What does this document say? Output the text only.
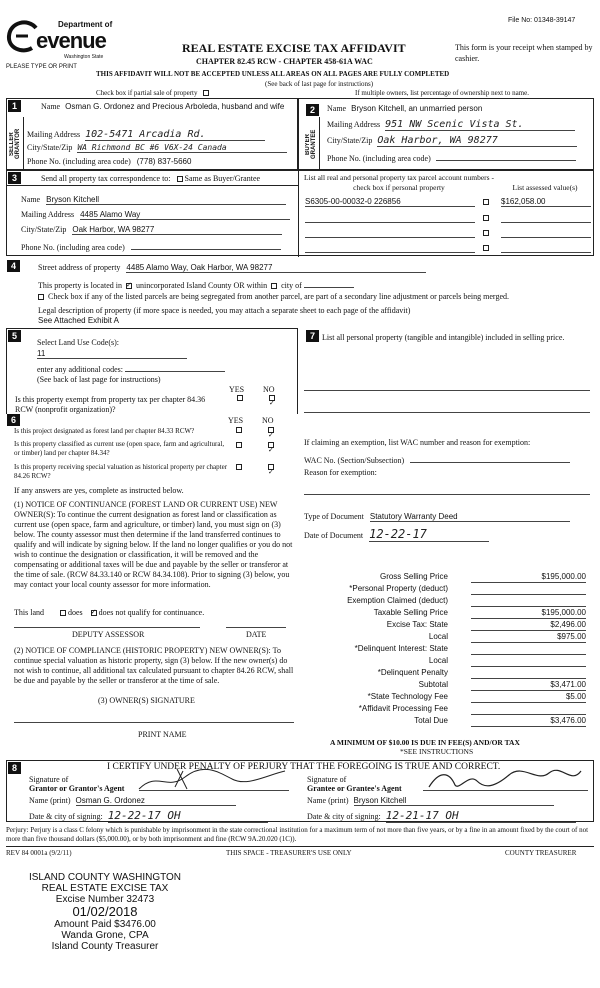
Department of
evenue
Washington State
PLEASE TYPE OR PRINT
File No: 01348-39147
REAL ESTATE EXCISE TAX AFFIDAVIT
CHAPTER 82.45 RCW - CHAPTER 458-61A WAC
This form is your receipt when stamped by cashier.
THIS AFFIDAVIT WILL NOT BE ACCEPTED UNLESS ALL AREAS ON ALL PAGES ARE FULLY COMPLETED
(See back of last page for instructions)
Check box if partial sale of property	If multiple owners, list percentage of ownership next to name.
1
SELLER GRANTOR
Name Osman G. Ordonez and Precious Arboleda, husband and wife
Mailing Address 102-5471 Arcadia Rd.
City/State/Zip WA Richmond BC #6 V6X-24 Canada
Phone No. (including area code) (778) 837-5660
2
BUYER GRANTEE
Name Bryson Kitchell, an unmarried person
Mailing Address 951 NW Scenic Vista St.
City/State/Zip Oak Harbor, WA 98277
Phone No. (including area code)
3	Send all property tax correspondence to: Same as Buyer/Grantee
Name Bryson Kitchell
Mailing Address 4485 Alamo Way
City/State/Zip Oak Harbor, WA 98277
Phone No. (including area code)
List all real and personal property tax parcel account numbers - check box if personal property	List assessed value(s)
S6305-00-00032-0 226856	$162,058.00
4	Street address of property 4485 Alamo Way, Oak Harbor, WA 98277
This property is located in ✓ unincorporated Island County OR within city of
Check box if any of the listed parcels are being segregated from another parcel, are part of a secondary line adjustment or parcels being merged.
Legal description of property (if more space is needed, you may attach a separate sheet to each page of the affidavit)
See Attached Exhibit A
5
Select Land Use Code(s):
11
enter any additional codes:
(See back of last page for instructions)
YES NO
Is this property exempt from property tax per chapter 84.36 RCW (nonprofit organization)?
✓
6	YES NO
Is this project designated as forest land per chapter 84.33 RCW?
✓
Is this property classified as current use (open space, farm and agricultural, or timber) land per chapter 84.34?
✓
Is this property receiving special valuation as historical property per chapter 84.26 RCW?
✓
If any answers are yes, complete as instructed below.
(1) NOTICE OF CONTINUANCE (FOREST LAND OR CURRENT USE) NEW OWNER(S): To continue the current designation as forest land or classification as current use (open space, farm and agriculture, or timber) land, you must sign on (3) below. The county assessor must then determine if the land transferred continues to qualify and will indicate by signing below. If the land no longer qualifies or you do not wish to continue the designation or classification, it will be removed and the compensating or additional taxes will be due and payable by the seller or transferor at the time of sale. (RCW 84.33.140 or RCW 84.34.108). Prior to signing (3) below, you may contact your local county assessor for more information.
This land	does ✓ does not qualify for continuance.
DEPUTY ASSESSOR	DATE
(2) NOTICE OF COMPLIANCE (HISTORIC PROPERTY) NEW OWNER(S): To continue special valuation as historic property, sign (3) below. If the new owner(s) do not wish to continue, all additional tax calculated pursuant to chapter 84.26 RCW, shall be due and payable by the seller or transferor at the time of sale.
(3) OWNER(S) SIGNATURE
PRINT NAME
7 List all personal property (tangible and intangible) included in selling price.
If claiming an exemption, list WAC number and reason for exemption:
WAC No. (Section/Subsection)
Reason for exemption:
Type of Document Statutory Warranty Deed
Date of Document 12-22-17
Gross Selling Price	$195,000.00
*Personal Property (deduct)
Exemption Claimed (deduct)
Taxable Selling Price	$195,000.00
Excise Tax: State	$2,496.00
Local	$975.00
*Delinquent Interest: State
Local
*Delinquent Penalty
Subtotal	$3,471.00
*State Technology Fee	$5.00
*Affidavit Processing Fee
Total Due	$3,476.00
A MINIMUM OF $10.00 IS DUE IN FEE(S) AND/OR TAX
*SEE INSTRUCTIONS
8	I CERTIFY UNDER PENALTY OF PERJURY THAT THE FOREGOING IS TRUE AND CORRECT.
Signature of
Grantor or Grantor's Agent
Name (print) Osman G. Ordonez
Date & city of signing: 12-22-17 OH
Signature of
Grantee or Grantee's Agent
Name (print) Bryson Kitchell
Date & city of signing: 12-21-17 OH
Perjury: Perjury is a class C felony which is punishable by imprisonment in the state correctional institution for a maximum term of not more than five years, or by a fine in an amount fixed by the court of not more than five thousand dollars ($5,000.00), or by both imprisonment and fine (RCW 9A.20.020 (1C)).
REV 84 0001a (9/2/11)	THIS SPACE - TREASURER'S USE ONLY	COUNTY TREASURER
ISLAND COUNTY WASHINGTON
REAL ESTATE EXCISE TAX
Excise Number 32473
01/02/2018
Amount Paid $3476.00
Wanda Grone, CPA
Island County Treasurer
